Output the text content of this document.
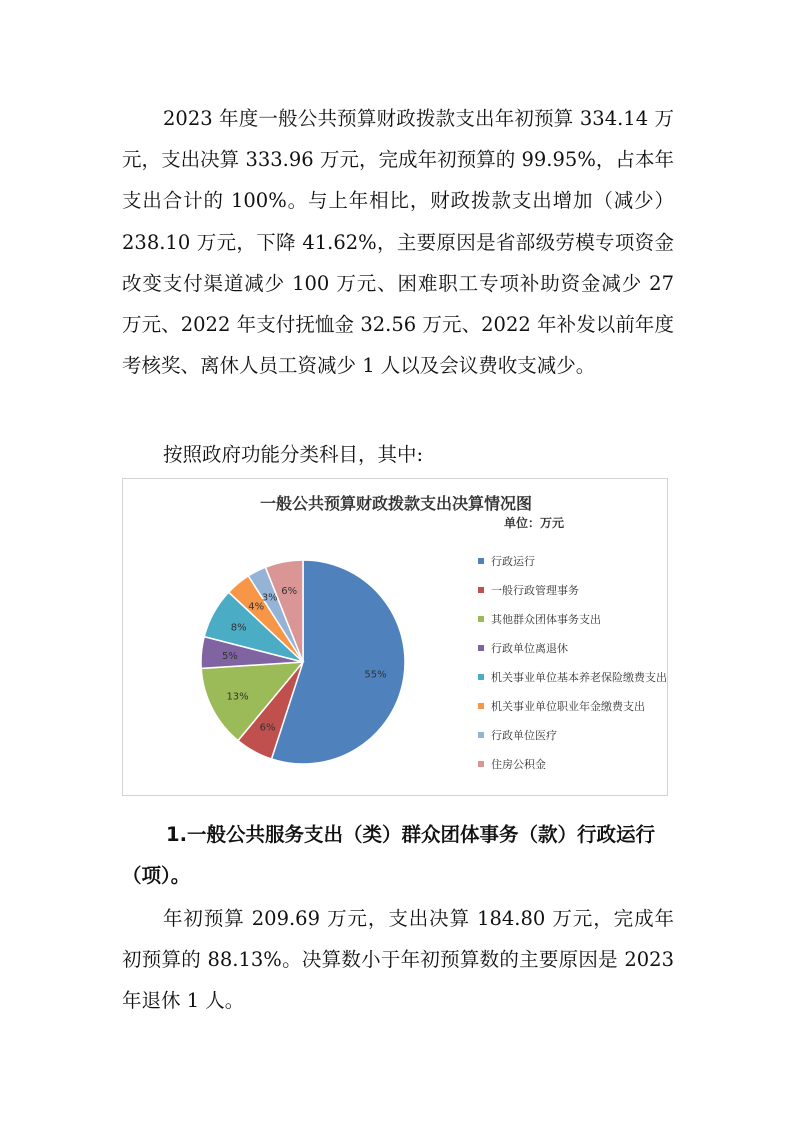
2023 年度一般公共预算财政拨款支出年初预算 334.14 万元，支出决算 333.96 万元，完成年初预算的 99.95%，占本年支出合计的 100%。与上年相比，财政拨款支出增加（减少）238.10 万元，下降 41.62%，主要原因是省部级劳模专项资金改变支付渠道减少 100 万元、困难职工专项补助资金减少 27 万元、2022 年支付抚恤金 32.56 万元、2022 年补发以前年度考核奖、离休人员工资减少 1 人以及会议费收支减少。

按照政府功能分类科目，其中:

一般公共预算财政拨款支出决算情况图
单位：万元
55%
6%
13%
5%
8%
4%
3%
6%
行政运行
一般行政管理事务
其他群众团体事务支出
行政单位离退休
机关事业单位基本养老保险缴费支出
机关事业单位职业年金缴费支出
行政单位医疗
住房公积金

1.一般公共服务支出（类）群众团体事务（款）行政运行（项）。

年初预算 209.69 万元，支出决算 184.80 万元，完成年初预算的 88.13%。决算数小于年初预算数的主要原因是 2023 年退休 1 人。
